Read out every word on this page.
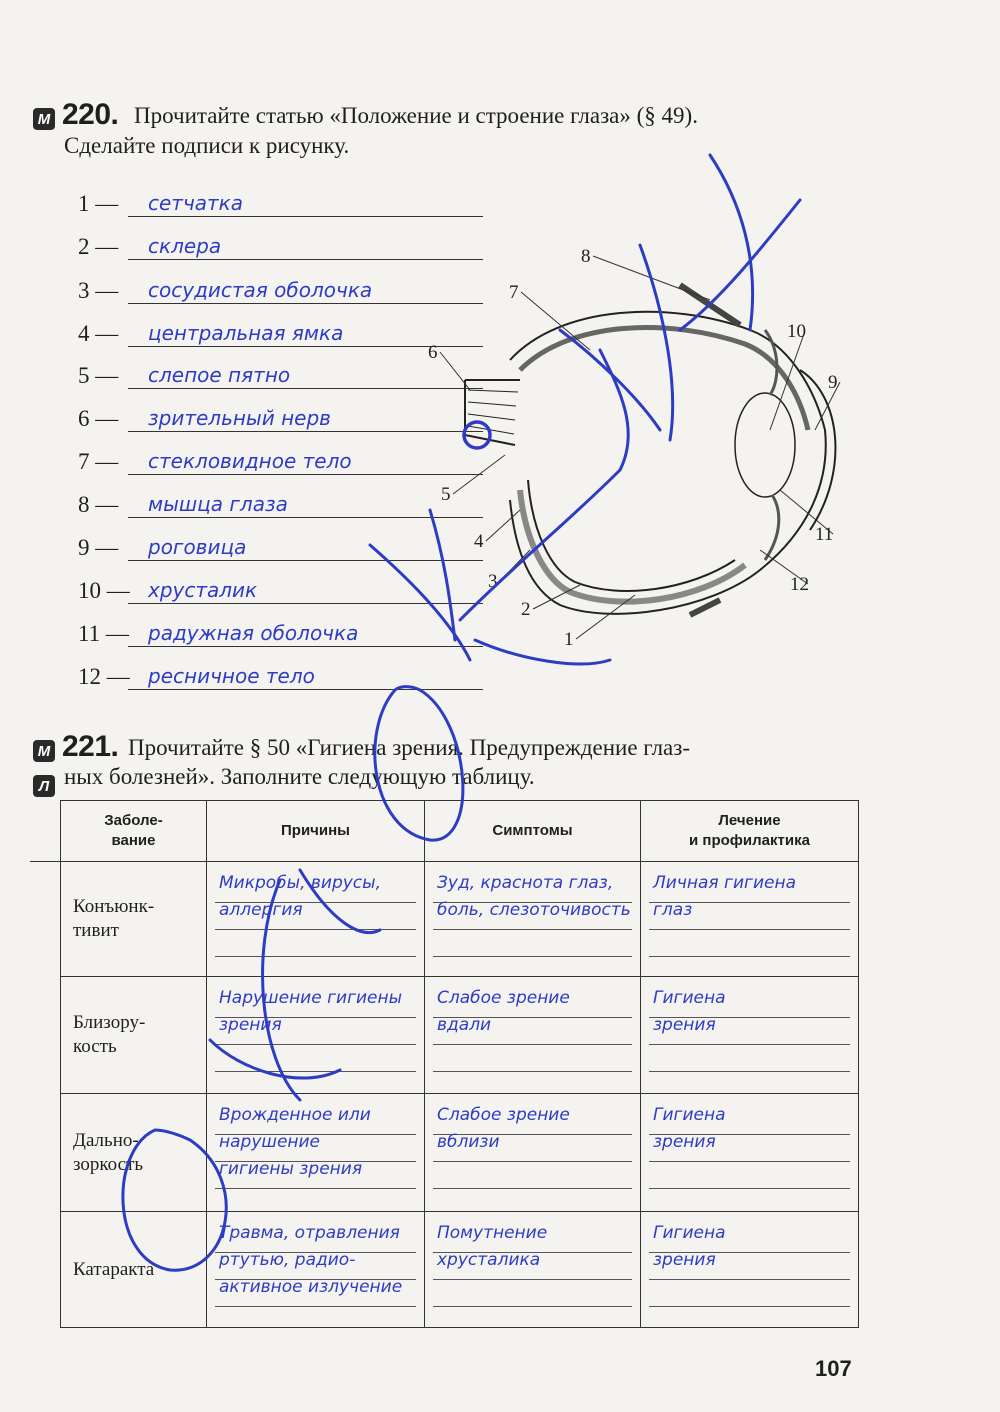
М 220. Прочитайте статью «Положение и строение глаза» (§ 49).
Сделайте подписи к рисунку.
1 — сетчатка
2 — склера
3 — сосудистая оболочка
4 — центральная ямка
5 — слепое пятно
6 — зрительный нерв
7 — стекловидное тело
8 — мышца глаза
9 — роговица
10 — хрусталик
11 — радужная оболочка
12 — ресничное тело
1
2
3
4
5
6
7
8
9
10
11
12
М
Л
221. Прочитайте § 50 «Гигиена зрения. Предупреждение глаз-
ных болезней». Заполните следующую таблицу.
Заболе-
вание	Причины	Симптомы	Лечение
и профилактика
Конъюнк-
тивит	Микробы, вирусы,
аллергия	Зуд, краснота глаз,
боль, слезоточивость	Личная гигиена
глаз

Близору-
кость	Нарушение гигиены
зрения	Слабое зрение
вдали	Гигиена
зрения

Дально-
зоркость	Врожденное или
нарушение
гигиены зрения	Слабое зрение
вблизи	Гигиена
зрения

Катаракта	Травма, отравления
ртутью, радио-
активное излучение	Помутнение
хрусталика	Гигиена
зрения
107
